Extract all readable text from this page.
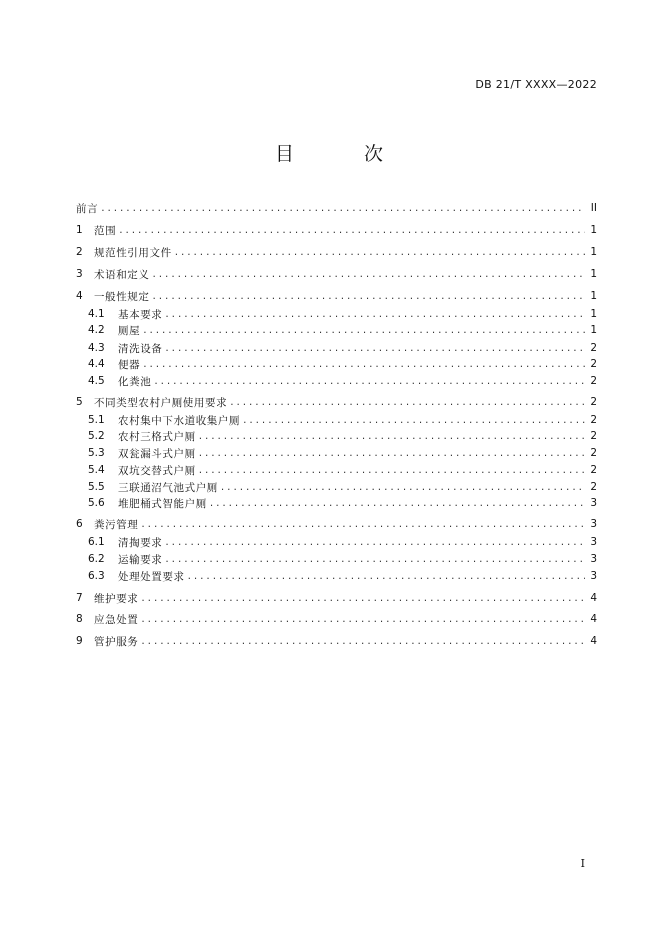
DB 21/T XXXX—2022
目 次
前言 . . .	II
1	范围 . . .	1
2	规范性引用文件 . . .	1
3	术语和定义 . . .	1
4	一般性规定 . . .	1
4.1	基本要求 . . .	1
4.2	厕屋 . . .	1
4.3	清洗设备 . . .	2
4.4	便器 . . .	2
4.5	化粪池 . . .	2
5	不同类型农村户厕使用要求 . . .	2
5.1	农村集中下水道收集户厕 . . .	2
5.2	农村三格式户厕 . . .	2
5.3	双瓮漏斗式户厕 . . .	2
5.4	双坑交替式户厕 . . .	2
5.5	三联通沼气池式户厕 . . .	2
5.6	堆肥桶式智能户厕 . . .	3
6	粪污管理 . . .	3
6.1	清掏要求 . . .	3
6.2	运输要求 . . .	3
6.3	处理处置要求 . . .	3
7	维护要求 . . .	4
8	应急处置 . . .	4
9	管护服务 . . .	4
I
